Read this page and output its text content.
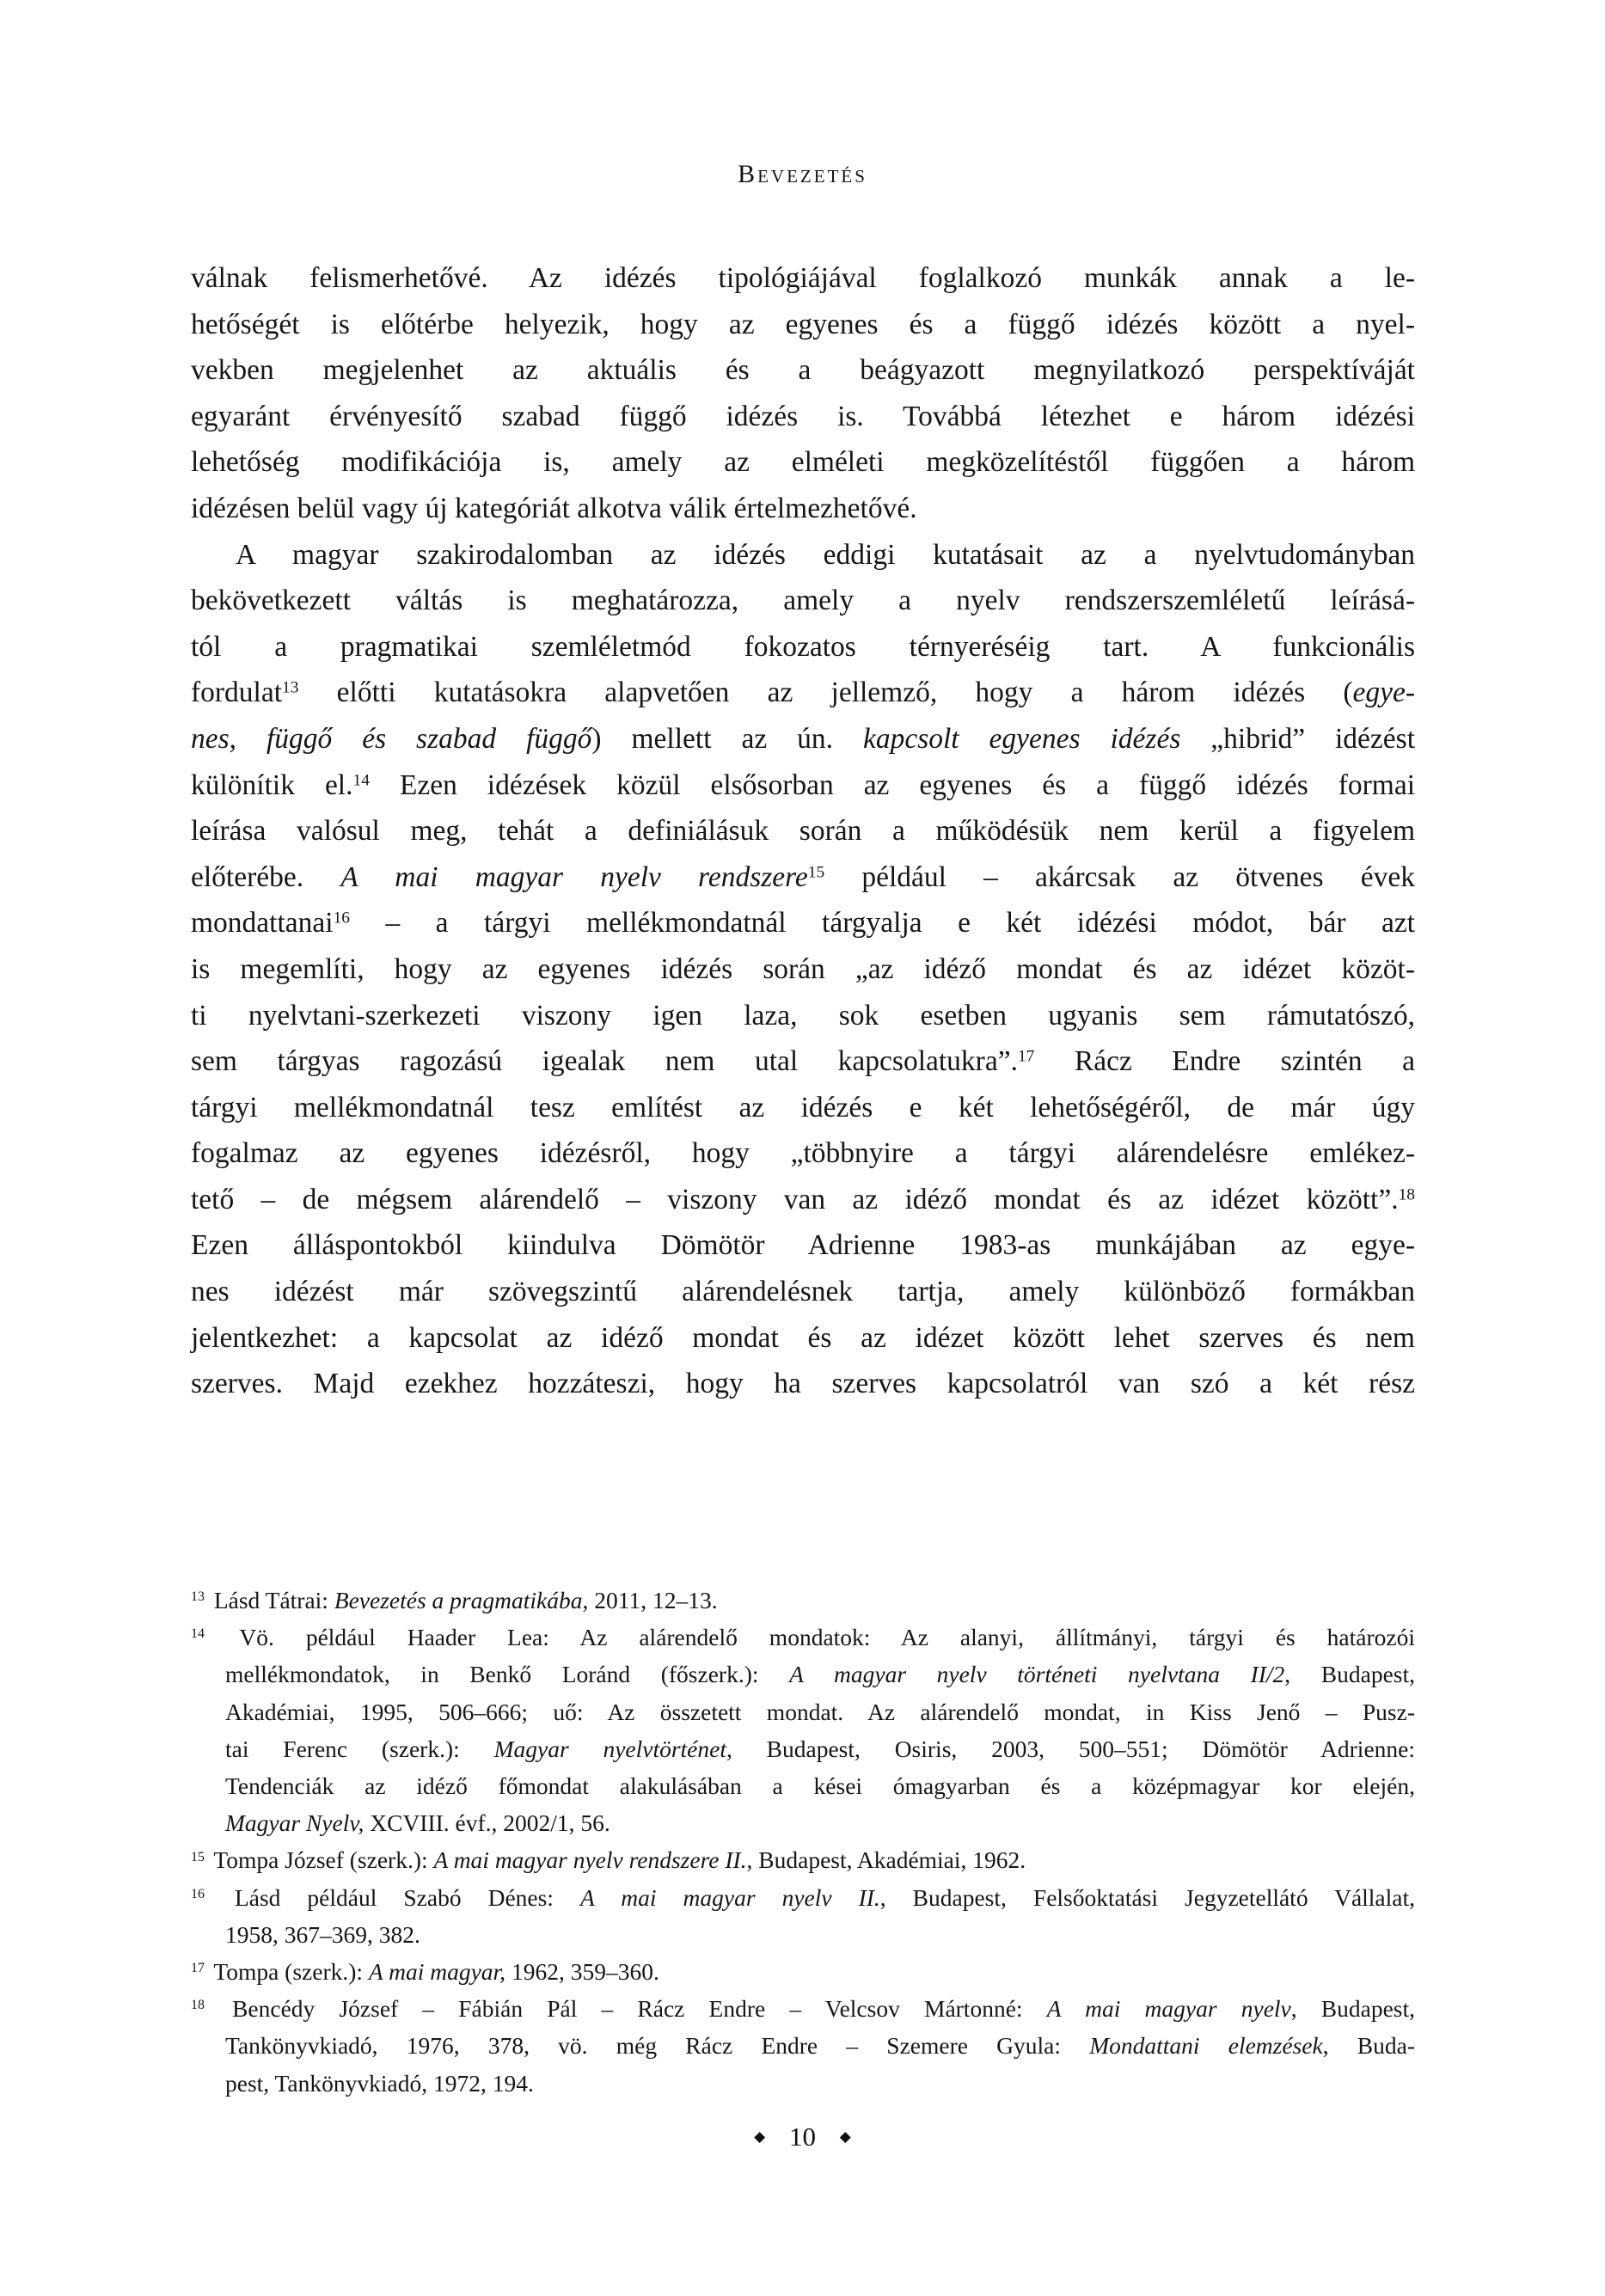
Bevezetés
válnak felismerhetővé. Az idézés tipológiájával foglalkozó munkák annak a le-
hetőségét is előtérbe helyezik, hogy az egyenes és a függő idézés között a nyel-
vekben megjelenhet az aktuális és a beágyazott megnyilatkozó perspektíváját
egyaránt érvényesítő szabad függő idézés is. Továbbá létezhet e három idézési
lehetőség modifikációja is, amely az elméleti megközelítéstől függően a három
idézésen belül vagy új kategóriát alkotva válik értelmezhetővé.
A magyar szakirodalomban az idézés eddigi kutatásait az a nyelvtudományban
bekövetkezett váltás is meghatározza, amely a nyelv rendszerszemléletű leírásá-
tól a pragmatikai szemléletmód fokozatos térnyeréséig tart. A funkcionális
fordulat$^{13}$ előtti kutatásokra alapvetően az jellemző, hogy a három idézés (egye-
nes, függő és szabad függő) mellett az ún. kapcsolt egyenes idézés „hibrid” idézést
különítik el.$^{14}$ Ezen idézések közül elsősorban az egyenes és a függő idézés formai
leírása valósul meg, tehát a definiálásuk során a működésük nem kerül a figyelem
előterébe. A mai magyar nyelv rendszere$^{15}$ például – akárcsak az ötvenes évek
mondattanai$^{16}$ – a tárgyi mellékmondatnál tárgyalja e két idézési módot, bár azt
is megemlíti, hogy az egyenes idézés során „az idéző mondat és az idézet közöt-
ti nyelvtani-szerkezeti viszony igen laza, sok esetben ugyanis sem rámutatószó,
sem tárgyas ragozású igealak nem utal kapcsolatukra”.$^{17}$ Rácz Endre szintén a
tárgyi mellékmondatnál tesz említést az idézés e két lehetőségéről, de már úgy
fogalmaz az egyenes idézésről, hogy „többnyire a tárgyi alárendelésre emlékez-
tető – de mégsem alárendelő – viszony van az idéző mondat és az idézet között”.$^{18}$
Ezen álláspontokból kiindulva Dömötör Adrienne 1983-as munkájában az egye-
nes idézést már szövegszintű alárendelésnek tartja, amely különböző formákban
jelentkezhet: a kapcsolat az idéző mondat és az idézet között lehet szerves és nem
szerves. Majd ezekhez hozzáteszi, hogy ha szerves kapcsolatról van szó a két rész
$^{13}$ Lásd Tátrai: Bevezetés a pragmatikába, 2011, 12–13.
$^{14}$ Vö. például Haader Lea: Az alárendelő mondatok: Az alanyi, állítmányi, tárgyi és határozói
mellékmondatok, in Benkő Loránd (főszerk.): A magyar nyelv történeti nyelvtana II/2, Budapest,
Akadémiai, 1995, 506–666; uő: Az összetett mondat. Az alárendelő mondat, in Kiss Jenő – Pusz-
tai Ferenc (szerk.): Magyar nyelvtörténet, Budapest, Osiris, 2003, 500–551; Dömötör Adrienne:
Tendenciák az idéző főmondat alakulásában a kései ómagyarban és a középmagyar kor elején,
Magyar Nyelv, XCVIII. évf., 2002/1, 56.
$^{15}$ Tompa József (szerk.): A mai magyar nyelv rendszere II., Budapest, Akadémiai, 1962.
$^{16}$ Lásd például Szabó Dénes: A mai magyar nyelv II., Budapest, Felsőoktatási Jegyzetellátó Vállalat,
1958, 367–369, 382.
$^{17}$ Tompa (szerk.): A mai magyar, 1962, 359–360.
$^{18}$ Bencédy József – Fábián Pál – Rácz Endre – Velcsov Mártonné: A mai magyar nyelv, Budapest,
Tankönyvkiadó, 1976, 378, vö. még Rácz Endre – Szemere Gyula: Mondattani elemzések, Buda-
pest, Tankönyvkiadó, 1972, 194.
◆ 10 ◆
